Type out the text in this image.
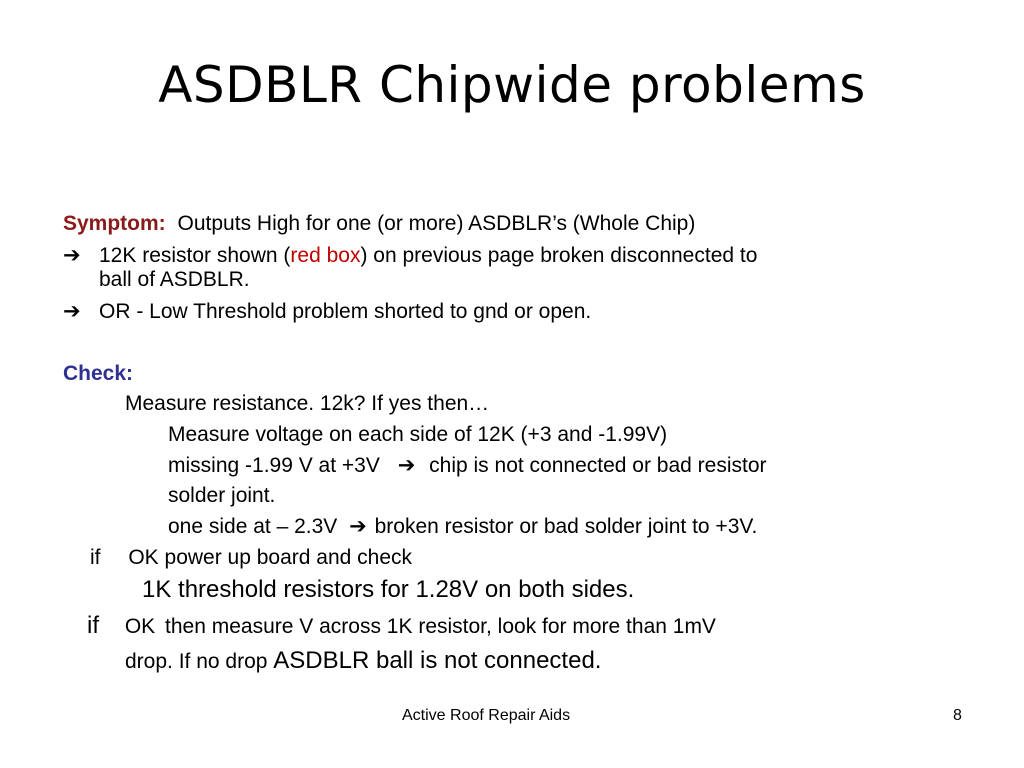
ASDBLR Chipwide problems
Symptom: Outputs High for one (or more) ASDBLR’s (Whole Chip)
➔ 12K resistor shown (red box) on previous page broken disconnected to
ball of ASDBLR.
➔ OR - Low Threshold problem shorted to gnd or open.
Check:
Measure resistance. 12k? If yes then…
Measure voltage on each side of 12K (+3 and -1.99V)
missing -1.99 V at +3V ➔ chip is not connected or bad resistor
solder joint.
one side at – 2.3V ➔ broken resistor or bad solder joint to +3V.
if OK power up board and check
1K threshold resistors for 1.28V on both sides.
if OK then measure V across 1K resistor, look for more than 1mV
drop. If no drop ASDBLR ball is not connected.
Active Roof Repair Aids	8
